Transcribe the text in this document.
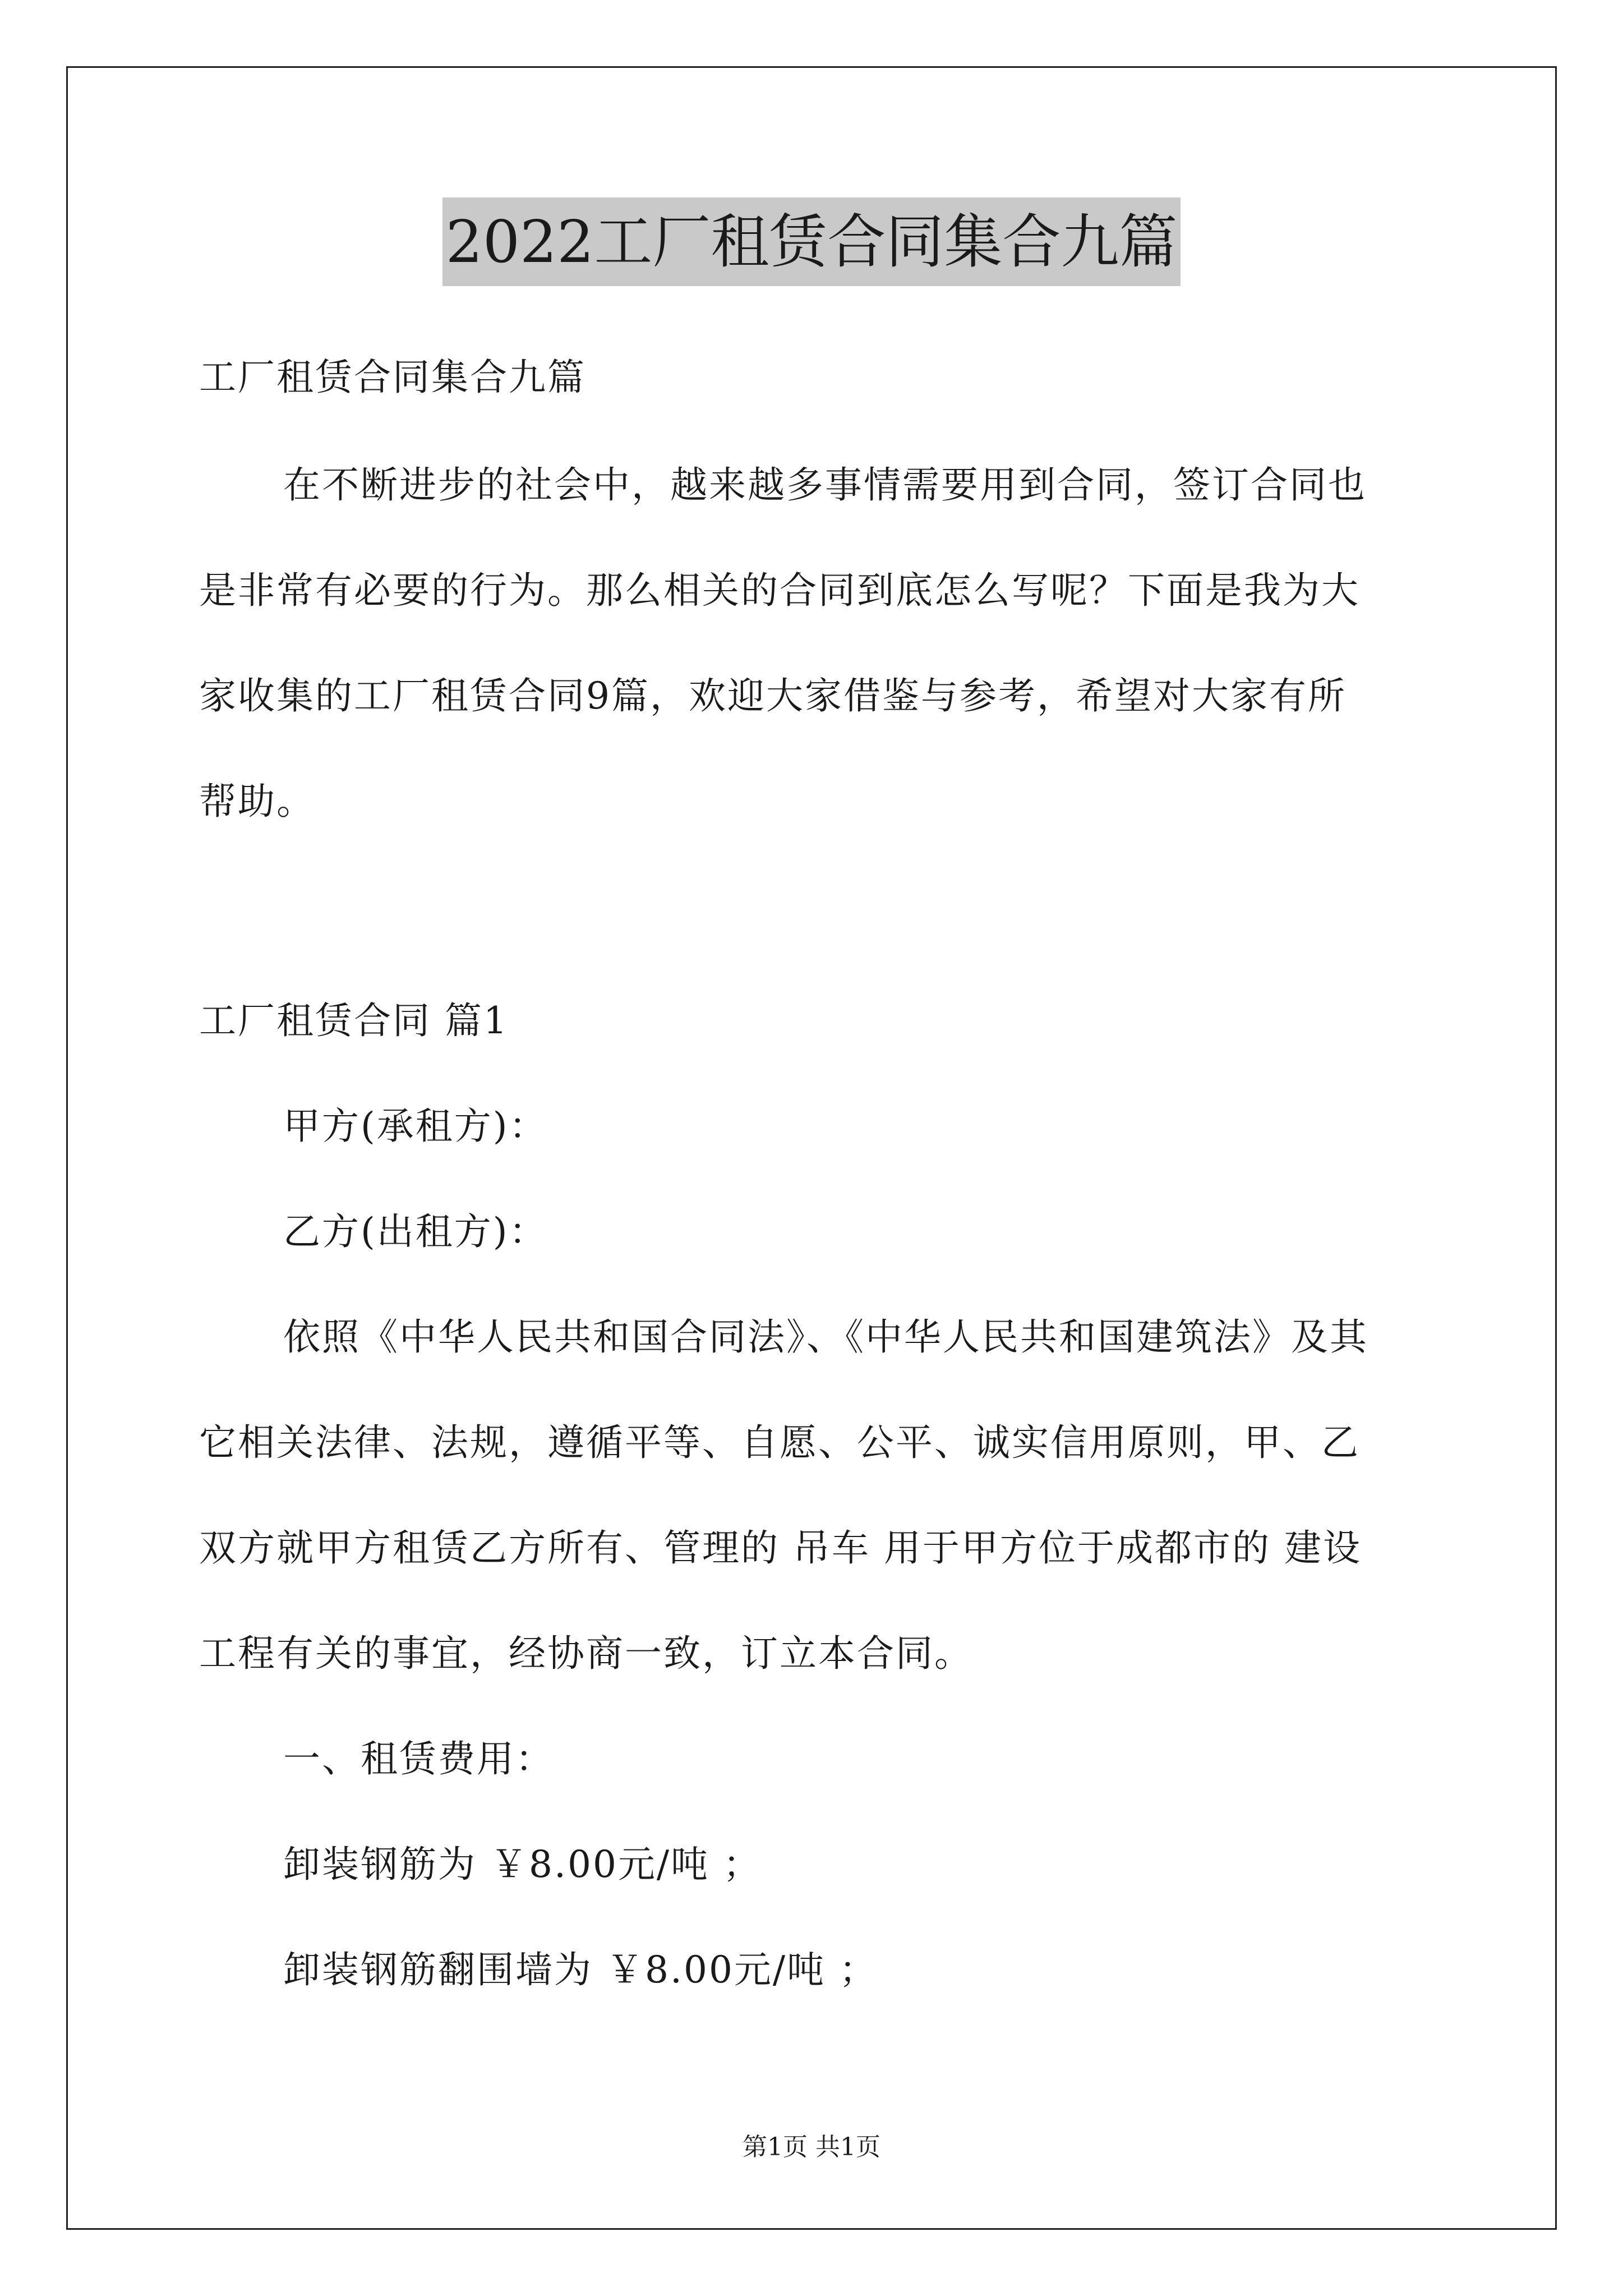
2022工厂租赁合同集合九篇
工厂租赁合同集合九篇
在不断进步的社会中，越来越多事情需要用到合同，签订合同也
是非常有必要的行为。那么相关的合同到底怎么写呢？下面是我为大
家收集的工厂租赁合同9篇，欢迎大家借鉴与参考，希望对大家有所
帮助。
工厂租赁合同 篇1
甲方(承租方)：
乙方(出租方)：
依照《中华人民共和国合同法》、《中华人民共和国建筑法》及其
它相关法律、法规，遵循平等、自愿、公平、诚实信用原则，甲、乙
双方就甲方租赁乙方所有、管理的 吊车 用于甲方位于成都市的 建设
工程有关的事宜，经协商一致，订立本合同。
一、租赁费用：
卸装钢筋为 ￥8.00元/吨 ；
卸装钢筋翻围墙为 ￥8.00元/吨 ；
第1页 共1页
